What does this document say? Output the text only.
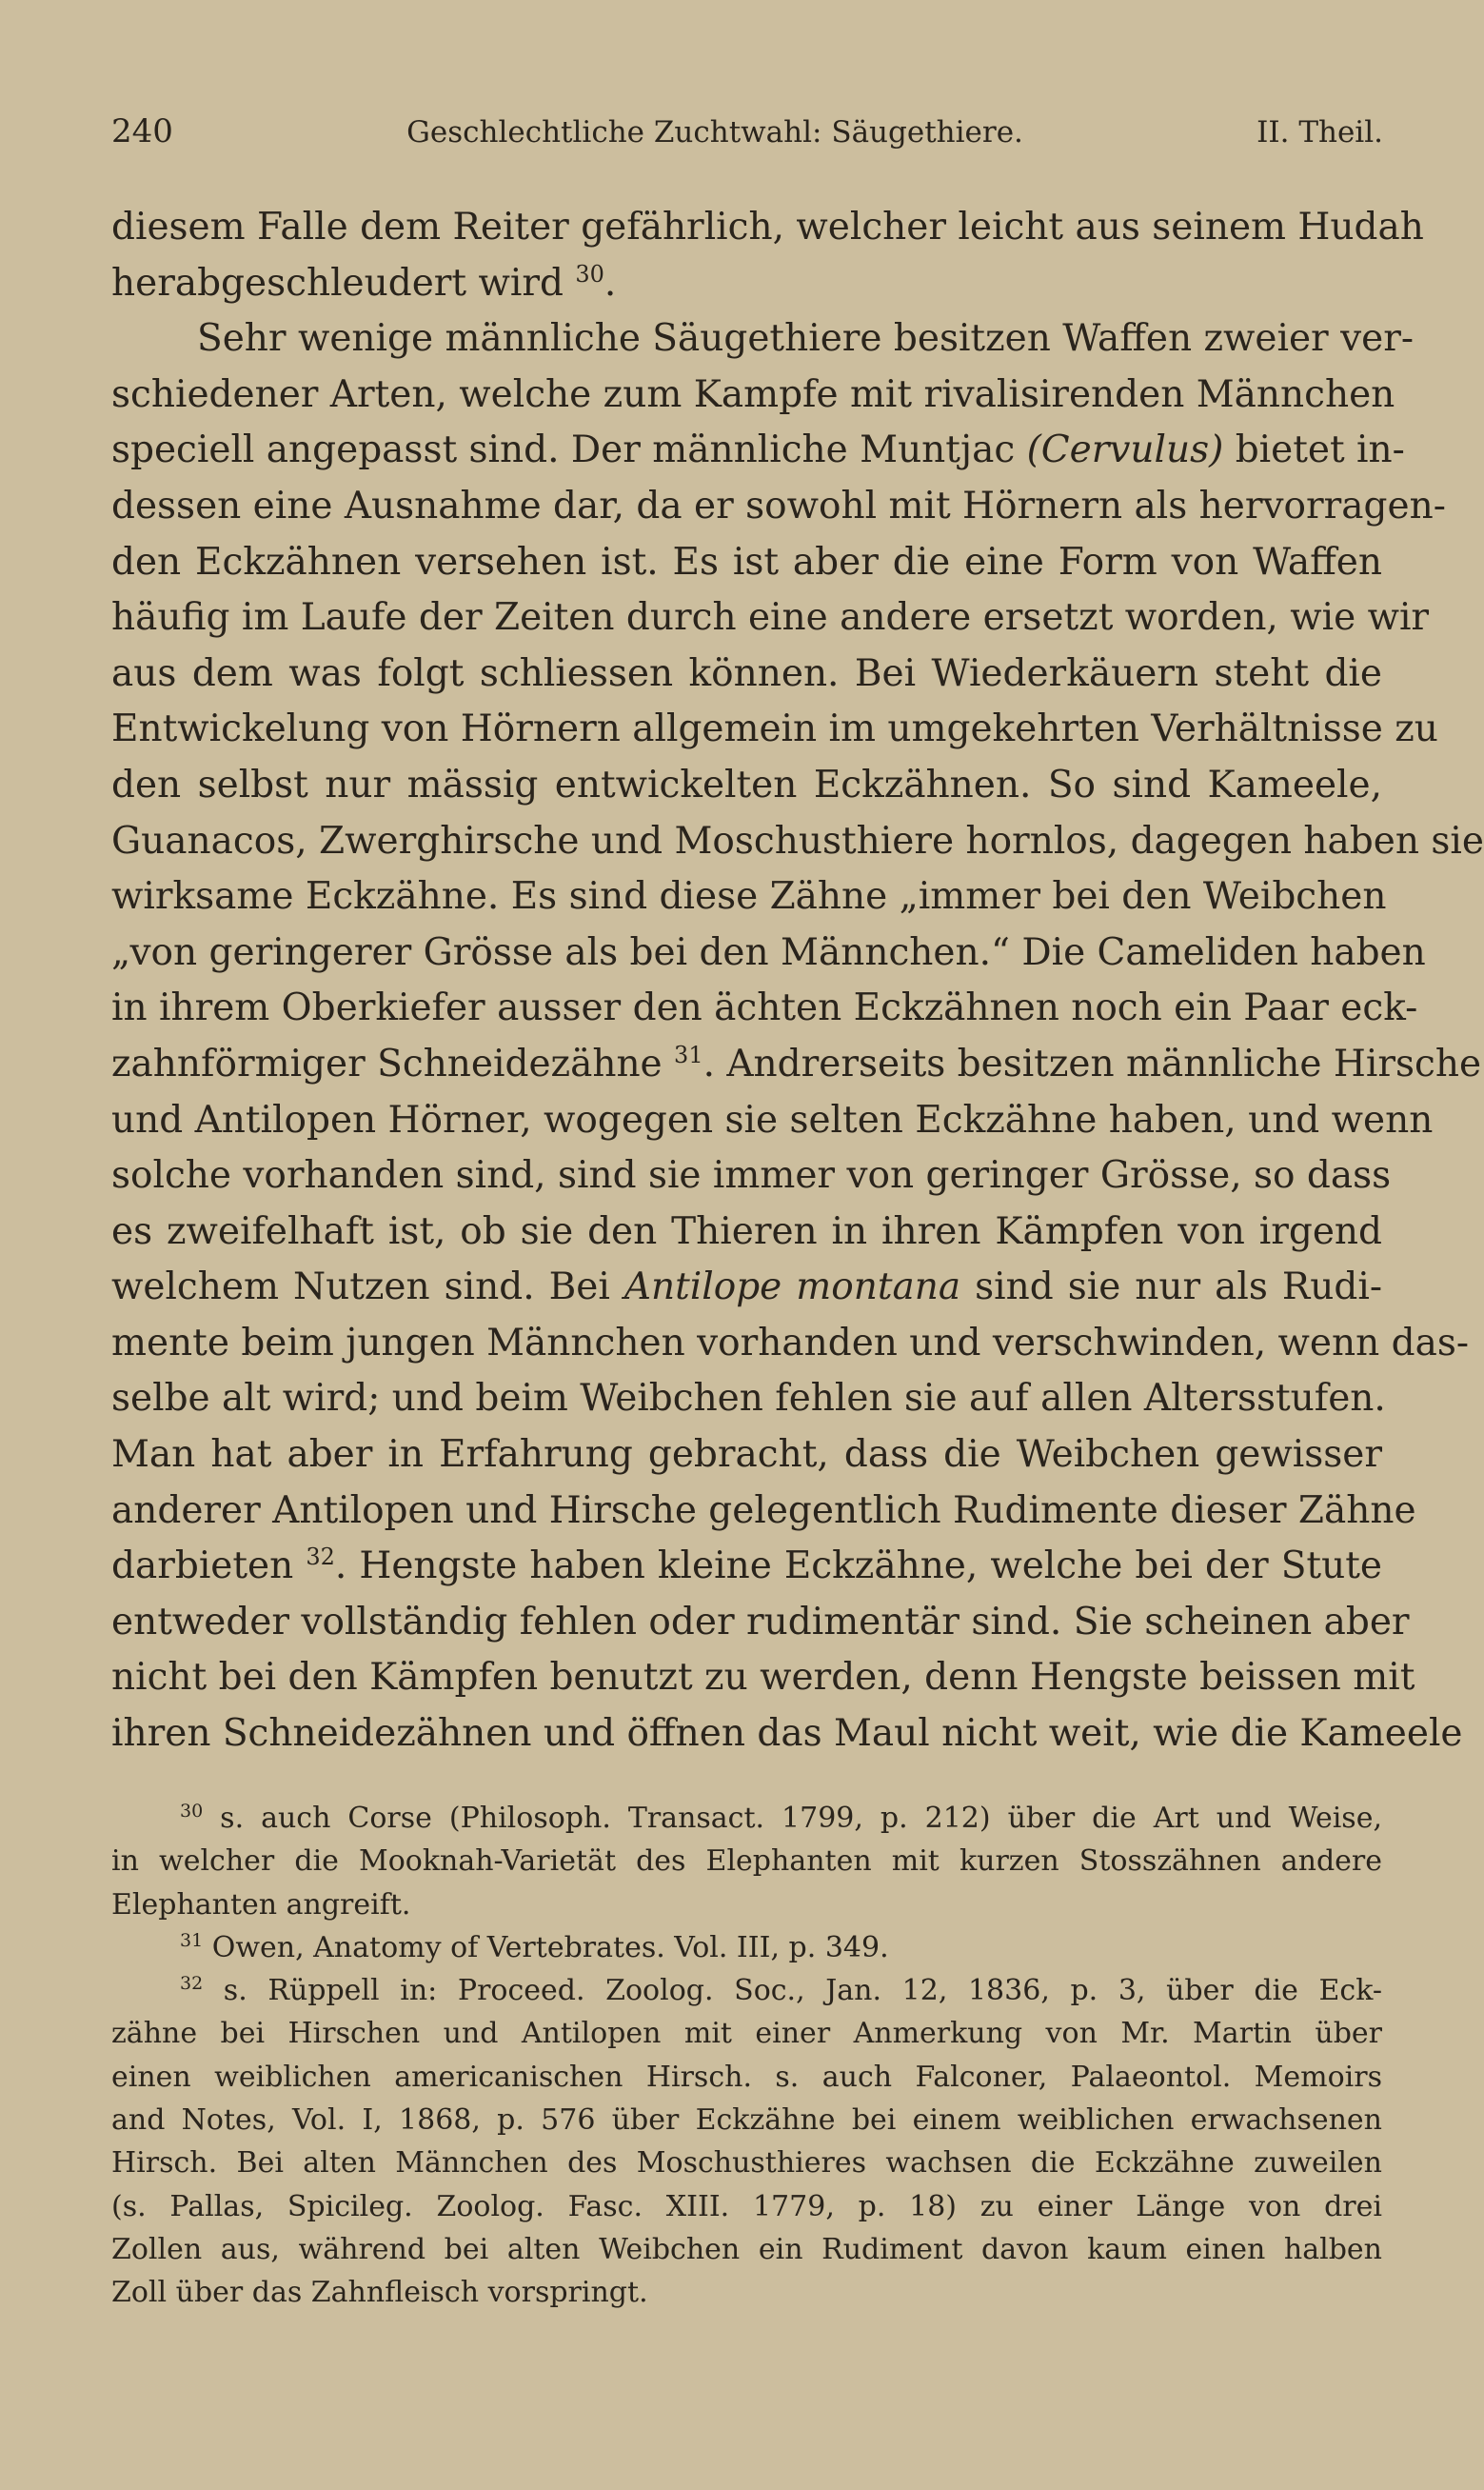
240	Geschlechtliche Zuchtwahl: Säugethiere.	II. Theil.
diesem Falle dem Reiter gefährlich, welcher leicht aus seinem Hudah
herabgeschleudert wird $^{30}$.
Sehr wenige männliche Säugethiere besitzen Waffen zweier ver-
schiedener Arten, welche zum Kampfe mit rivalisirenden Männchen
speciell angepasst sind. Der männliche Muntjac (Cervulus) bietet in-
dessen eine Ausnahme dar, da er sowohl mit Hörnern als hervorragen-
den Eckzähnen versehen ist. Es ist aber die eine Form von Waffen
häufig im Laufe der Zeiten durch eine andere ersetzt worden, wie wir
aus dem was folgt schliessen können. Bei Wiederkäuern steht die
Entwickelung von Hörnern allgemein im umgekehrten Verhältnisse zu
den selbst nur mässig entwickelten Eckzähnen. So sind Kameele,
Guanacos, Zwerghirsche und Moschusthiere hornlos, dagegen haben sie
wirksame Eckzähne. Es sind diese Zähne „immer bei den Weibchen
„von geringerer Grösse als bei den Männchen.“ Die Cameliden haben
in ihrem Oberkiefer ausser den ächten Eckzähnen noch ein Paar eck-
zahnförmiger Schneidezähne $^{31}$. Andrerseits besitzen männliche Hirsche
und Antilopen Hörner, wogegen sie selten Eckzähne haben, und wenn
solche vorhanden sind, sind sie immer von geringer Grösse, so dass
es zweifelhaft ist, ob sie den Thieren in ihren Kämpfen von irgend
welchem Nutzen sind. Bei Antilope montana sind sie nur als Rudi-
mente beim jungen Männchen vorhanden und verschwinden, wenn das-
selbe alt wird; und beim Weibchen fehlen sie auf allen Altersstufen.
Man hat aber in Erfahrung gebracht, dass die Weibchen gewisser
anderer Antilopen und Hirsche gelegentlich Rudimente dieser Zähne
darbieten $^{32}$. Hengste haben kleine Eckzähne, welche bei der Stute
entweder vollständig fehlen oder rudimentär sind. Sie scheinen aber
nicht bei den Kämpfen benutzt zu werden, denn Hengste beissen mit
ihren Schneidezähnen und öffnen das Maul nicht weit, wie die Kameele
$^{30}$ s. auch Corse (Philosoph. Transact. 1799, p. 212) über die Art und Weise,
in welcher die Mooknah-Varietät des Elephanten mit kurzen Stosszähnen andere
Elephanten angreift.
$^{31}$ Owen, Anatomy of Vertebrates. Vol. III, p. 349.
$^{32}$ s. Rüppell in: Proceed. Zoolog. Soc., Jan. 12, 1836, p. 3, über die Eck-
zähne bei Hirschen und Antilopen mit einer Anmerkung von Mr. Martin über
einen weiblichen americanischen Hirsch. s. auch Falconer, Palaeontol. Memoirs
and Notes, Vol. I, 1868, p. 576 über Eckzähne bei einem weiblichen erwachsenen
Hirsch. Bei alten Männchen des Moschusthieres wachsen die Eckzähne zuweilen
(s. Pallas, Spicileg. Zoolog. Fasc. XIII. 1779, p. 18) zu einer Länge von drei
Zollen aus, während bei alten Weibchen ein Rudiment davon kaum einen halben
Zoll über das Zahnfleisch vorspringt.
